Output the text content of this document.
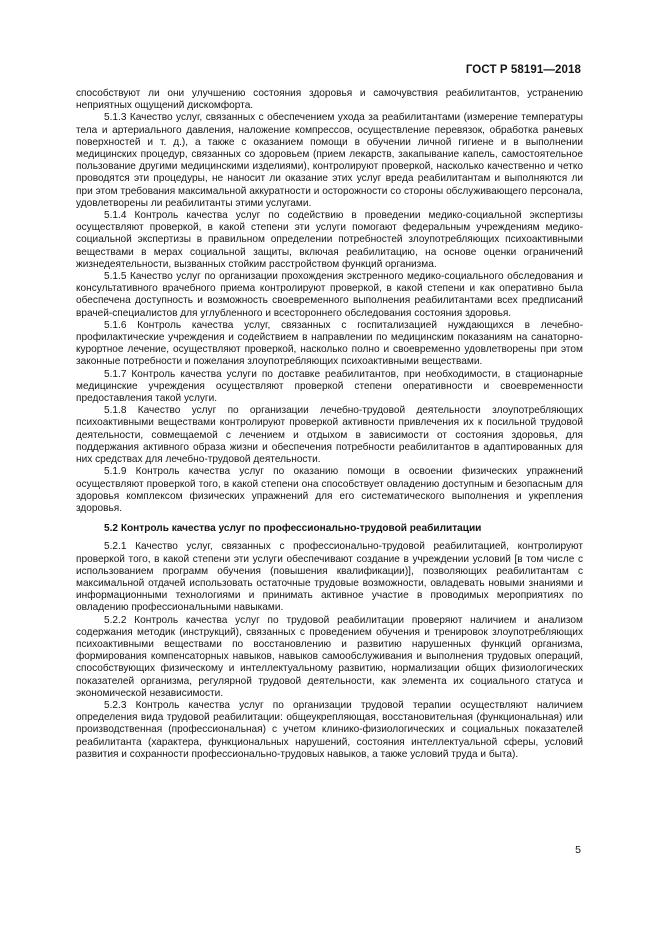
ГОСТ Р 58191—2018

способствуют ли они улучшению состояния здоровья и самочувствия реабилитантов, устранению неприятных ощущений дискомфорта.

5.1.3 Качество услуг, связанных с обеспечением ухода за реабилитантами (измерение температуры тела и артериального давления, наложение компрессов, осуществление перевязок, обработка раневых поверхностей и т. д.), а также с оказанием помощи в обучении личной гигиене и в выполнении медицинских процедур, связанных со здоровьем (прием лекарств, закапывание капель, самостоятельное пользование другими медицинскими изделиями), контролируют проверкой, насколько качественно и четко проводятся эти процедуры, не наносит ли оказание этих услуг вреда реабилитантам и выполняются ли при этом требования максимальной аккуратности и осторожности со стороны обслуживающего персонала, удовлетворены ли реабилитанты этими услугами.

5.1.4 Контроль качества услуг по содействию в проведении медико-социальной экспертизы осуществляют проверкой, в какой степени эти услуги помогают федеральным учреждениям медико-социальной экспертизы в правильном определении потребностей злоупотребляющих психоактивными веществами в мерах социальной защиты, включая реабилитацию, на основе оценки ограничений жизнедеятельности, вызванных стойким расстройством функций организма.

5.1.5 Качество услуг по организации прохождения экстренного медико-социального обследования и консультативного врачебного приема контролируют проверкой, в какой степени и как оперативно была обеспечена доступность и возможность своевременного выполнения реабилитантами всех предписаний врачей-специалистов для углубленного и всестороннего обследования состояния здоровья.

5.1.6 Контроль качества услуг, связанных с госпитализацией нуждающихся в лечебно-профилактические учреждения и содействием в направлении по медицинским показаниям на санаторно-курортное лечение, осуществляют проверкой, насколько полно и своевременно удовлетворены при этом законные потребности и пожелания злоупотребляющих психоактивными веществами.

5.1.7 Контроль качества услуги по доставке реабилитантов, при необходимости, в стационарные медицинские учреждения осуществляют проверкой степени оперативности и своевременности предоставления такой услуги.

5.1.8 Качество услуг по организации лечебно-трудовой деятельности злоупотребляющих психоактивными веществами контролируют проверкой активности привлечения их к посильной трудовой деятельности, совмещаемой с лечением и отдыхом в зависимости от состояния здоровья, для поддержания активного образа жизни и обеспечения потребности реабилитантов в адаптированных для них средствах для лечебно-трудовой деятельности.

5.1.9 Контроль качества услуг по оказанию помощи в освоении физических упражнений осуществляют проверкой того, в какой степени она способствует овладению доступным и безопасным для здоровья комплексом физических упражнений для его систематического выполнения и укрепления здоровья.

5.2 Контроль качества услуг по профессионально-трудовой реабилитации

5.2.1 Качество услуг, связанных с профессионально-трудовой реабилитацией, контролируют проверкой того, в какой степени эти услуги обеспечивают создание в учреждении условий [в том числе с использованием программ обучения (повышения квалификации)], позволяющих реабилитантам с максимальной отдачей использовать остаточные трудовые возможности, овладевать новыми знаниями и информационными технологиями и принимать активное участие в проводимых мероприятиях по овладению профессиональными навыками.

5.2.2 Контроль качества услуг по трудовой реабилитации проверяют наличием и анализом содержания методик (инструкций), связанных с проведением обучения и тренировок злоупотребляющих психоактивными веществами по восстановлению и развитию нарушенных функций организма, формирования компенсаторных навыков, навыков самообслуживания и выполнения трудовых операций, способствующих физическому и интеллектуальному развитию, нормализации общих физиологических показателей организма, регулярной трудовой деятельности, как элемента их социального статуса и экономической независимости.

5.2.3 Контроль качества услуг по организации трудовой терапии осуществляют наличием определения вида трудовой реабилитации: общеукрепляющая, восстановительная (функциональная) или производственная (профессиональная) с учетом клинико-физиологических и социальных показателей реабилитанта (характера, функциональных нарушений, состояния интеллектуальной сферы, условий развития и сохранности профессионально-трудовых навыков, а также условий труда и быта).

5
